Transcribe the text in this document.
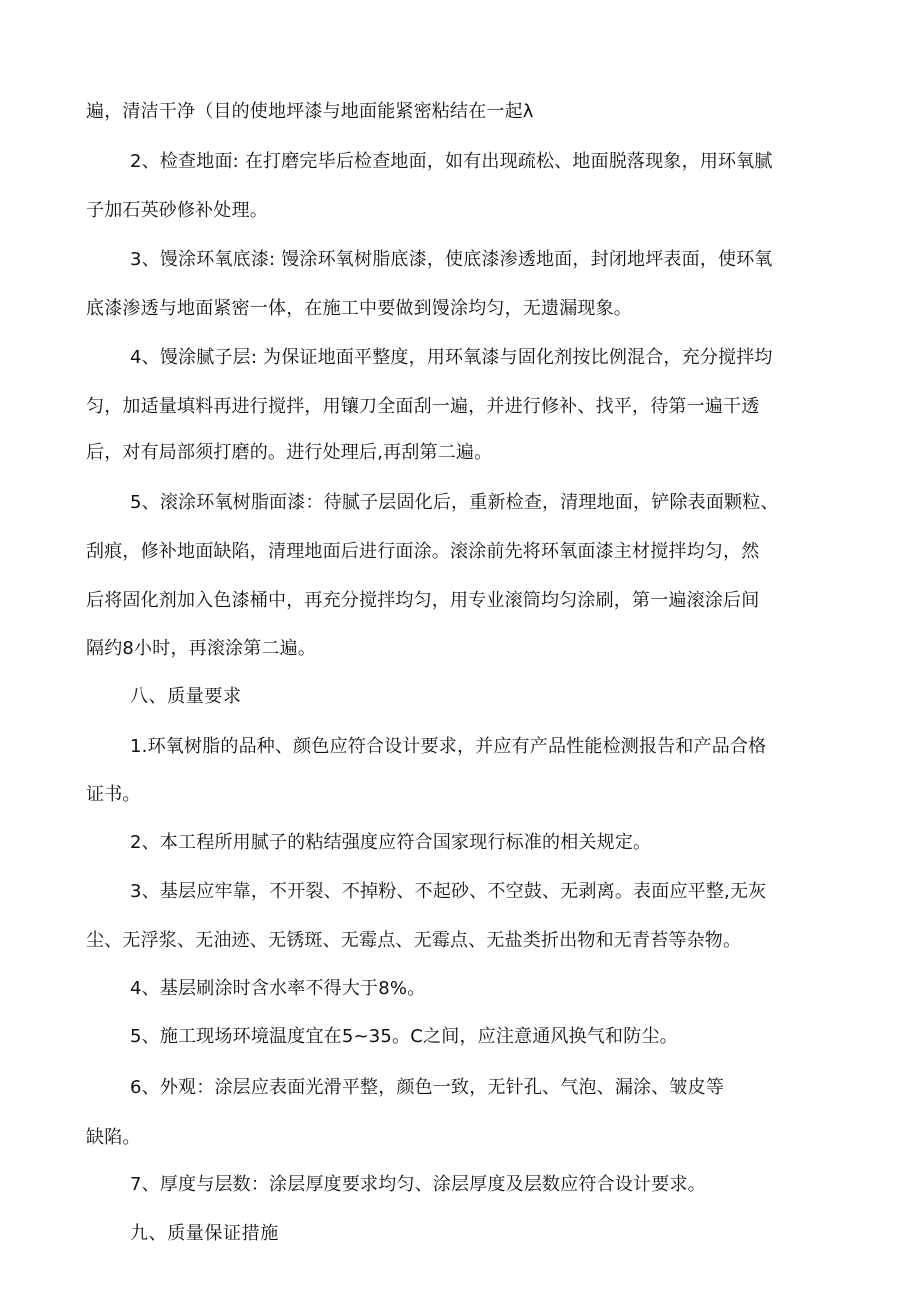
遍，清洁干净（目的使地坪漆与地面能紧密粘结在一起λ
2、检查地面: 在打磨完毕后检查地面，如有出现疏松、地面脱落现象，用环氧腻
子加石英砂修补处理。
3、馒涂环氧底漆: 馒涂环氧树脂底漆，使底漆渗透地面，封闭地坪表面，使环氧
底漆渗透与地面紧密一体，在施工中要做到馒涂均匀，无遗漏现象。
4、馒涂腻子层: 为保证地面平整度，用环氧漆与固化剂按比例混合，充分搅拌均
匀，加适量填料再进行搅拌，用镶刀全面刮一遍，并进行修补、找平，待第一遍干透
后，对有局部须打磨的。进行处理后,再刮第二遍。
5、滚涂环氧树脂面漆：待腻子层固化后，重新检查，清理地面，铲除表面颗粒、
刮痕，修补地面缺陷，清理地面后进行面涂。滚涂前先将环氧面漆主材搅拌均匀，然
后将固化剂加入色漆桶中，再充分搅拌均匀，用专业滚筒均匀涂刷，第一遍滚涂后间
隔约8小时，再滚涂第二遍。
八、质量要求
1.环氧树脂的品种、颜色应符合设计要求，并应有产品性能检测报告和产品合格
证书。
2、本工程所用腻子的粘结强度应符合国家现行标准的相关规定。
3、基层应牢靠，不开裂、不掉粉、不起砂、不空鼓、无剥离。表面应平整,无灰
尘、无浮浆、无油迹、无锈斑、无霉点、无霉点、无盐类折出物和无青苔等杂物。
4、基层刷涂时含水率不得大于8%。
5、施工现场环境温度宜在5~35。C之间，应注意通风换气和防尘。
6、外观：涂层应表面光滑平整，颜色一致，无针孔、气泡、漏涂、皱皮等
缺陷。
7、厚度与层数：涂层厚度要求均匀、涂层厚度及层数应符合设计要求。
九、质量保证措施
